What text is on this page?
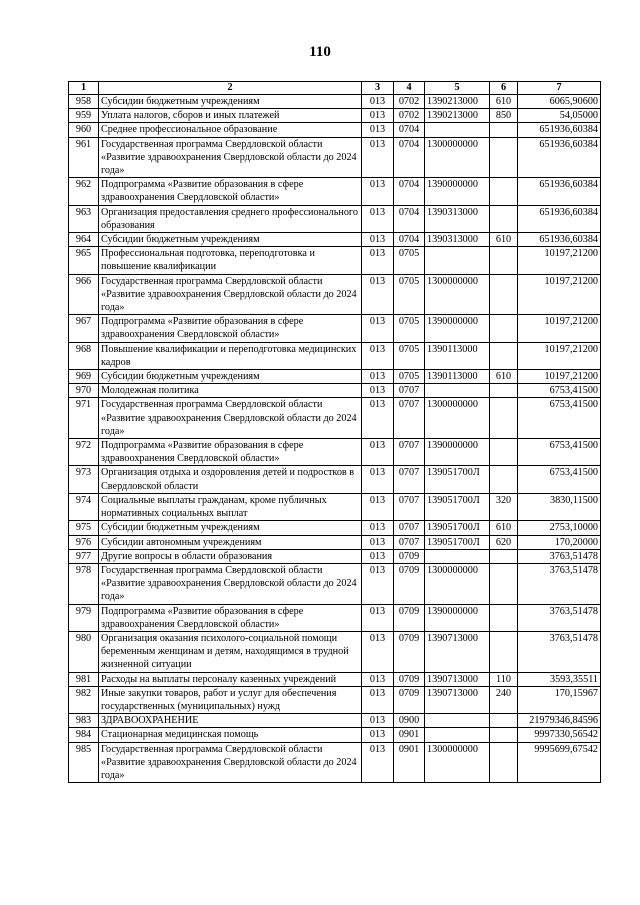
110
1	2	3	4	5	6	7
958	Субсидии бюджетным учреждениям	013	0702	1390213000	610	6065,90600
959	Уплата налогов, сборов и иных платежей	013	0702	1390213000	850	54,05000
960	Среднее профессиональное образование	013	0704			651936,60384
961	Государственная программа Свердловской области «Развитие здравоохранения Свердловской области до 2024 года»	013	0704	1300000000		651936,60384
962	Подпрограмма «Развитие образования в сфере здравоохранения Свердловской области»	013	0704	1390000000		651936,60384
963	Организация предоставления среднего профессионального образования	013	0704	1390313000		651936,60384
964	Субсидии бюджетным учреждениям	013	0704	1390313000	610	651936,60384
965	Профессиональная подготовка, переподготовка и повышение квалификации	013	0705			10197,21200
966	Государственная программа Свердловской области «Развитие здравоохранения Свердловской области до 2024 года»	013	0705	1300000000		10197,21200
967	Подпрограмма «Развитие образования в сфере здравоохранения Свердловской области»	013	0705	1390000000		10197,21200
968	Повышение квалификации и переподготовка медицинских кадров	013	0705	1390113000		10197,21200
969	Субсидии бюджетным учреждениям	013	0705	1390113000	610	10197,21200
970	Молодежная политика	013	0707			6753,41500
971	Государственная программа Свердловской области «Развитие здравоохранения Свердловской области до 2024 года»	013	0707	1300000000		6753,41500
972	Подпрограмма «Развитие образования в сфере здравоохранения Свердловской области»	013	0707	1390000000		6753,41500
973	Организация отдыха и оздоровления детей и подростков в Свердловской области	013	0707	139051700Л		6753,41500
974	Социальные выплаты гражданам, кроме публичных нормативных социальных выплат	013	0707	139051700Л	320	3830,11500
975	Субсидии бюджетным учреждениям	013	0707	139051700Л	610	2753,10000
976	Субсидии автономным учреждениям	013	0707	139051700Л	620	170,20000
977	Другие вопросы в области образования	013	0709			3763,51478
978	Государственная программа Свердловской области «Развитие здравоохранения Свердловской области до 2024 года»	013	0709	1300000000		3763,51478
979	Подпрограмма «Развитие образования в сфере здравоохранения Свердловской области»	013	0709	1390000000		3763,51478
980	Организация оказания психолого-социальной помощи беременным женщинам и детям, находящимся в трудной жизненной ситуации	013	0709	1390713000		3763,51478
981	Расходы на выплаты персоналу казенных учреждений	013	0709	1390713000	110	3593,35511
982	Иные закупки товаров, работ и услуг для обеспечения государственных (муниципальных) нужд	013	0709	1390713000	240	170,15967
983	ЗДРАВООХРАНЕНИЕ	013	0900			21979346,84596
984	Стационарная медицинская помощь	013	0901			9997330,56542
985	Государственная программа Свердловской области «Развитие здравоохранения Свердловской области до 2024 года»	013	0901	1300000000		9995699,67542
